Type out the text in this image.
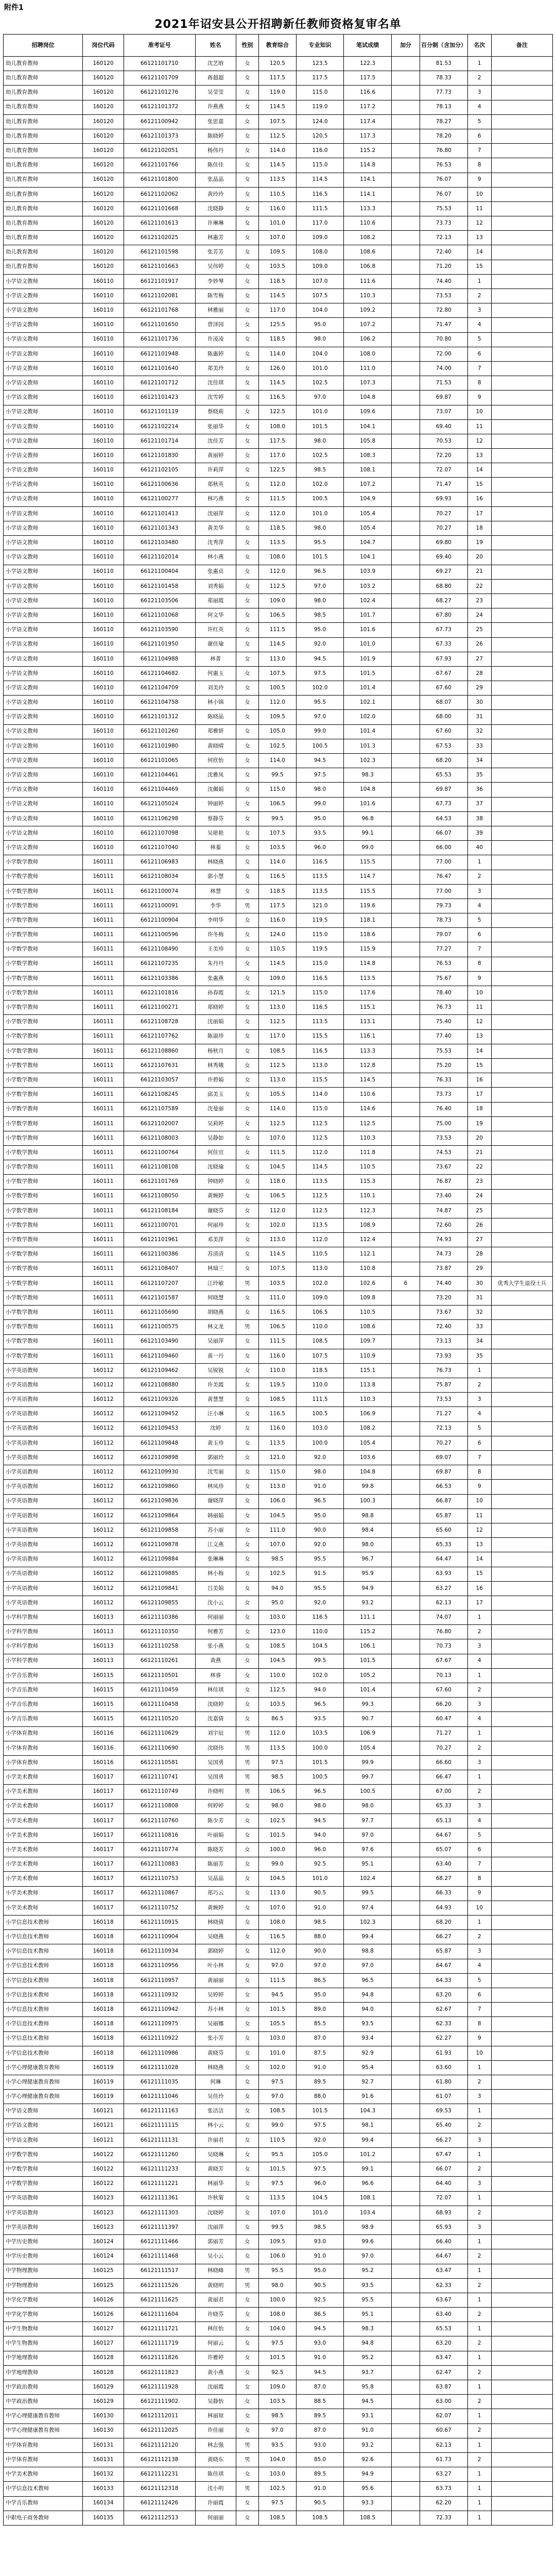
附件1
2021年诏安县公开招聘新任教师资格复审名单
招聘岗位	岗位代码	准考证号	姓名	性别	教育综合	专业知识	笔试成绩	加分	百分制（含加分）	名次	备注
幼儿教育教师	160120	66121101710	沈艺晗	女	120.5	123.5	122.3		81.53	1	
幼儿教育教师	160120	66121101709	蒋超超	女	117.5	117.5	117.5		78.33	2	
幼儿教育教师	160120	66121101276	吴莹莹	女	119.0	115.0	116.6		77.73	3	
幼儿教育教师	160120	66121101372	许燕燕	女	114.5	119.0	117.2		78.13	4	
幼儿教育教师	160120	66121100942	张思嘉	女	107.5	124.0	117.4		78.27	5	
幼儿教育教师	160120	66121101373	陈晓婷	女	112.5	120.5	117.3		78.20	6	
幼儿教育教师	160120	66121102051	杨伟丹	女	114.0	116.0	115.2		76.80	7	
幼儿教育教师	160120	66121101766	陈佳佳	女	114.5	115.0	114.8		76.53	8	
幼儿教育教师	160120	66121101800	张晶晶	女	113.5	114.5	114.1		76.07	9	
幼儿教育教师	160120	66121102062	黄玲玲	女	110.5	116.5	114.1		76.07	10	
幼儿教育教师	160120	66121101668	沈晓静	女	116.0	111.5	113.3		75.53	11	
幼儿教育教师	160120	66121101613	许琳琳	女	101.0	117.0	110.6		73.73	12	
幼儿教育教师	160120	66121102025	林惠芳	女	107.0	109.0	108.2		72.13	13	
幼儿教育教师	160120	66121101598	张芳芳	女	109.5	108.0	108.6		72.40	14	
幼儿教育教师	160120	66121101663	吴伟婷	女	103.5	109.0	106.8		71.20	15	
小学语文教师	160110	66121101917	李妙琴	女	118.5	107.0	111.6		74.40	1	
小学语文教师	160110	66121102081	陈雪梅	女	114.5	107.5	110.3		73.53	2	
小学语文教师	160110	66121101768	林雅丽	女	117.0	104.0	109.2		72.80	3	
小学语文教师	160110	66121101650	曾泽园	女	125.5	95.0	107.2		71.47	4	
小学语文教师	160110	66121101736	许凌凌	女	118.5	98.0	106.2		70.80	5	
小学语文教师	160110	66121101948	陈惠婷	女	114.0	104.0	108.0		72.00	6	
小学语文教师	160110	66121101640	郑美玲	女	126.0	101.0	111.0		74.00	7	
小学语文教师	160110	66121101712	沈佳琪	女	114.5	102.5	107.3		71.53	8	
小学语文教师	160110	66121101423	沈雪婷	女	116.5	97.0	104.8		69.87	9	
小学语文教师	160110	66121101119	蔡晓莉	女	122.5	101.0	109.6		73.07	10	
小学语文教师	160110	66121102214	张丽华	女	108.0	101.5	104.1		69.40	11	
小学语文教师	160110	66121101714	沈佳芳	女	117.5	98.0	105.8		70.53	12	
小学语文教师	160110	66121101830	黄丽婷	女	117.0	102.5	108.3		72.20	13	
小学语文教师	160110	66121102105	许莉萍	女	122.5	98.5	108.1		72.07	14	
小学语文教师	160110	66121100636	郑秋英	女	112.0	102.0	107.2		71.47	15	
小学语文教师	160110	66121100277	林巧燕	女	111.5	100.5	104.9		69.93	16	
小学语文教师	160110	66121101413	沈丽萍	女	112.0	101.0	105.4		70.27	17	
小学语文教师	160110	66121101343	黄美华	女	118.5	98.0	105.4		70.27	18	
小学语文教师	160110	66121103480	沈秀萍	女	113.5	95.5	104.7		69.80	19	
小学语文教师	160110	66121102014	林小燕	女	108.0	101.5	104.1		69.40	20	
小学语文教师	160110	66121100404	张惠贞	女	112.0	96.5	103.9		69.27	21	
小学语文教师	160110	66121101458	刘秀娟	女	112.5	97.0	103.2		68.80	22	
小学语文教师	160110	66121103506	郑丽霞	女	109.0	98.0	102.4		68.27	23	
小学语文教师	160110	66121101068	何文华	女	106.5	98.5	101.7		67.80	24	
小学语文教师	160110	66121103590	许红英	女	111.5	95.0	101.6		67.73	25	
小学语文教师	160110	66121101950	谢佳瑜	女	114.5	92.0	101.0		67.33	26	
小学语文教师	160110	66121104988	林菁	女	113.0	94.5	101.9		67.93	27	
小学语文教师	160110	66121104682	何惠玉	女	107.5	97.5	101.5		67.67	28	
小学语文教师	160110	66121104709	刘美玲	女	100.5	102.0	101.4		67.60	29	
小学语文教师	160110	66121104758	林小锦	女	112.0	95.5	102.1		68.07	30	
小学语文教师	160110	66121101312	陈晓晶	女	109.5	97.0	102.0		68.00	31	
小学语文教师	160110	66121101260	郑雅妍	女	105.0	99.0	101.4		67.60	32	
小学语文教师	160110	66121101980	黄晓晴	女	102.5	100.5	101.3		67.53	33	
小学语文教师	160110	66121101065	何欣怡	女	114.0	94.5	102.3		68.20	34	
小学语文教师	160110	66121104461	沈雅凤	女	99.5	97.5	98.3		65.53	35	
小学语文教师	160110	66121104469	沈佩娟	女	115.0	98.0	104.8		69.87	36	
小学语文教师	160110	66121105024	钟丽婷	女	106.5	99.0	101.6		67.73	37	
小学语文教师	160110	66121106298	蔡静芬	女	99.5	95.0	96.8		64.53	38	
小学语文教师	160110	66121107098	吴艳艳	女	107.5	93.5	99.1		66.07	39	
小学语文教师	160110	66121107040	林蓁	女	103.5	96.0	99.0		66.00	40	
小学数学教师	160111	66121106983	林晓燕	女	114.0	116.5	115.5		77.00	1	
小学数学教师	160111	66121108034	郭小慧	女	116.5	113.5	114.7		76.47	2	
小学数学教师	160111	66121100074	林慧	女	118.5	113.5	115.5		77.00	3	
小学数学教师	160111	66121100091	李华	男	117.5	121.0	119.6		79.73	4	
小学数学教师	160111	66121100904	李明华	女	116.0	119.5	118.1		78.73	5	
小学数学教师	160111	66121100596	许冬梅	女	124.0	115.0	118.6		79.07	6	
小学数学教师	160111	66121108490	王美珍	女	110.5	119.5	115.9		77.27	7	
小学数学教师	160111	66121107235	朱丹丹	女	114.5	115.0	114.8		76.53	8	
小学数学教师	160111	66121103386	张惠燕	女	109.0	116.5	113.5		75.67	9	
小学数学教师	160111	66121101816	孙春霞	女	121.5	115.0	117.6		78.40	10	
小学数学教师	160111	66121100271	郑晓婷	女	113.0	116.5	115.1		76.73	11	
小学数学教师	160111	66121108728	沈丽娟	女	112.5	113.5	113.1		75.40	12	
小学数学教师	160111	66121107762	陈淑珍	女	117.0	115.5	116.1		77.40	13	
小学数学教师	160111	66121108860	杨秋月	女	108.5	116.5	113.3		75.53	14	
小学数学教师	160111	66121107631	林秀娥	女	112.5	113.0	112.8		75.20	15	
小学数学教师	160111	66121103057	许碧娟	女	113.0	115.5	114.5		76.33	16	
小学数学教师	160111	66121108245	邱美玉	女	105.5	114.0	110.6		73.73	17	
小学数学教师	160111	66121107589	沈曼丽	女	114.0	115.0	114.6		76.40	18	
小学数学教师	160111	66121102007	吴莉婷	女	112.5	112.5	112.5		75.00	19	
小学数学教师	160111	66121108003	吴静如	女	107.0	112.5	110.3		73.53	20	
小学数学教师	160111	66121100764	何佳宜	女	111.5	112.0	111.8		74.53	21	
小学数学教师	160111	66121108108	沈晓瑜	女	104.5	114.5	110.5		73.67	22	
小学数学教师	160111	66121101769	钟晓婷	女	118.0	113.5	115.3		76.87	23	
小学数学教师	160111	66121108050	黄婉婷	女	106.5	112.5	110.1		73.40	24	
小学数学教师	160111	66121108184	谢晓芬	女	112.0	112.5	112.3		74.87	25	
小学数学教师	160111	66121100701	何丽珍	女	102.0	113.5	108.9		72.60	26	
小学数学教师	160111	66121101961	邓美萍	女	113.0	112.0	112.4		74.93	27	
小学数学教师	160111	66121100386	苏清清	女	114.5	110.5	112.1		74.73	28	
小学数学教师	160111	66121108407	林瑞兰	女	107.5	113.0	110.8		73.87	29	
小学数学教师	160111	66121107207	江玲敏	男	103.5	102.0	102.6	6	74.40	30	优秀大学生退役士兵
小学数学教师	160111	66121101587	何晓慧	女	111.0	109.0	109.8		73.20	31	
小学数学教师	160111	66121105690	胡晓燕	女	116.5	106.5	110.5		73.67	32	
小学数学教师	160111	66121100575	林文龙	男	106.5	110.0	108.6		72.40	33	
小学数学教师	160111	66121103490	吴丽萍	女	111.5	108.5	109.7		73.13	34	
小学数学教师	160111	66121109460	黄一丹	女	116.0	107.5	110.9		73.93	35	
小学英语教师	160112	66121109462	吴锐锐	女	110.0	118.5	115.1		76.73	1	
小学英语教师	160112	66121108880	许美霞	女	119.5	110.0	113.8		75.87	2	
小学英语教师	160112	66121109326	黄慧慧	女	108.5	111.5	110.3		73.53	3	
小学英语教师	160112	66121109452	汪小琳	女	116.5	100.5	106.9		71.27	4	
小学英语教师	160112	66121109453	沈婷	女	116.0	103.0	108.2		72.13	5	
小学英语教师	160112	66121109848	黄玉珍	女	113.5	100.0	105.4		70.27	6	
小学英语教师	160112	66121109898	郭丽玲	女	121.0	92.0	103.6		69.07	7	
小学英语教师	160112	66121109930	沈雪丽	女	115.0	98.0	104.8		69.87	8	
小学英语教师	160112	66121109860	林凤珍	女	113.0	91.0	99.8		66.53	9	
小学英语教师	160112	66121109836	谢晓萍	女	106.0	96.5	100.3		66.87	10	
小学英语教师	160112	66121109864	韩丽娟	女	104.5	95.0	98.8		65.87	11	
小学英语教师	160112	66121109858	苏小丽	女	111.0	90.0	98.4		65.60	12	
小学英语教师	160112	66121109878	江文燕	女	107.0	92.0	98.0		65.33	13	
小学英语教师	160112	66121109884	张琳琳	女	98.5	95.5	96.7		64.47	14	
小学英语教师	160112	66121109885	林小梅	女	102.5	91.5	95.9		63.93	15	
小学英语教师	160112	66121109841	吕美娟	女	94.0	95.5	94.9		63.27	16	
小学英语教师	160112	66121109855	沈小云	女	95.0	92.0	93.2		62.13	17	
小学科学教师	160113	66121110386	何丽丽	女	103.0	116.5	111.1		74.07	1	
小学科学教师	160113	66121110350	何雅芳	女	123.0	110.0	115.2		76.80	2	
小学科学教师	160113	66121110258	张小燕	女	108.5	104.5	106.1		70.73	3	
小学科学教师	160113	66121110261	黄燕	女	104.5	99.5	101.5		67.67	4	
小学音乐教师	160115	66121110501	林睿	女	110.0	102.0	105.2		70.13	1	
小学音乐教师	160115	66121110459	林佳琪	女	112.5	94.0	101.4		67.60	2	
小学音乐教师	160115	66121110458	沈晓婷	女	103.5	96.5	99.3		66.20	3	
小学音乐教师	160115	66121110520	沈嘉倩	女	86.5	93.5	90.7		60.47	4	
小学体育教师	160116	66121110629	刘宇辰	男	112.0	103.5	106.9		71.27	1	
小学体育教师	160116	66121110690	沈晓伟	男	113.5	100.0	105.4		70.27	2	
小学体育教师	160116	66121110581	吴国勇	男	97.5	101.5	99.9		66.60	3	
小学美术教师	160117	66121110741	吴国勇	男	98.5	100.5	99.7		66.47	1	
小学美术教师	160117	66121110749	许晓明	男	106.5	96.5	100.5		67.00	2	
小学美术教师	160117	66121110808	何婷婷	女	98.0	98.0	98.0		65.33	3	
小学美术教师	160117	66121110760	陈少芳	女	102.5	94.5	97.7		65.13	4	
小学美术教师	160117	66121110816	叶丽娟	女	101.5	94.0	97.0		64.67	5	
小学美术教师	160117	66121110774	陈晓芳	女	100.0	96.0	97.6		65.07	6	
小学美术教师	160117	66121110883	陈丽芳	女	99.0	92.5	95.1		63.40	7	
小学美术教师	160117	66121110753	吴晶晶	女	104.5	101.0	102.4		68.27	8	
小学美术教师	160117	66121110867	郑巧云	女	113.0	90.5	99.5		66.33	9	
小学美术教师	160117	66121110752	黄婉婷	女	107.0	91.0	97.4		64.93	10	
小学信息技术教师	160118	66121110915	林晓倩	女	108.0	98.5	102.3		68.20	1	
小学信息技术教师	160118	66121110904	吴晓燕	女	116.5	88.0	99.4		66.27	2	
小学信息技术教师	160118	66121110934	郭晓婷	女	112.0	90.0	98.8		65.87	3	
小学信息技术教师	160118	66121110956	叶小林	女	97.0	97.0	97.0		64.67	4	
小学信息技术教师	160118	66121110957	黄丽丽	女	111.5	86.5	96.5		64.33	5	
小学信息技术教师	160118	66121110932	吴婷婷	女	94.5	95.0	94.8		63.20	6	
小学信息技术教师	160118	66121110942	苏小林	女	101.5	89.0	94.0		62.67	7	
小学信息技术教师	160118	66121110975	吴丽娜	女	105.5	85.5	93.5		62.33	8	
小学信息技术教师	160118	66121110922	张小芳	女	103.0	87.0	93.4		62.27	9	
小学信息技术教师	160118	66121110986	黄晓芬	女	101.0	87.5	92.9		61.93	10	
小学心理健康教育教师	160119	66121111028	林晓燕	女	102.0	91.0	95.4		63.60	1	
小学心理健康教育教师	160119	66121111035	何琳	女	97.5	89.5	92.7		61.80	2	
小学心理健康教育教师	160119	66121111046	吴佳玲	女	97.0	88.0	91.6		61.07	3	
中学语文教师	160121	66121111163	张洁洁	女	108.5	101.5	104.3		69.53	1	
中学语文教师	160121	66121111115	林小云	女	99.0	97.5	98.1		65.40	2	
中学语文教师	160121	66121111131	许丽君	女	110.5	92.0	99.4		66.27	3	
中学数学教师	160122	66121111260	吴晓琳	女	95.5	105.0	101.2		67.47	1	
中学数学教师	160122	66121111233	黄晓芳	女	101.5	97.5	99.1		66.07	2	
中学数学教师	160122	66121111221	林丽华	女	97.5	96.0	96.6		64.40	3	
中学英语教师	160123	66121111361	许秋菊	女	113.5	104.5	108.1		72.07	1	
中学英语教师	160123	66121111303	沈晓婷	女	107.0	101.0	103.4		68.93	2	
中学英语教师	160123	66121111397	沈丽萍	女	99.5	98.5	98.9		65.93	3	
中学历史教师	160124	66121111466	郭丽芳	女	109.5	93.0	99.6		66.40	1	
中学历史教师	160124	66121111468	吴小云	女	106.0	91.0	97.0		64.67	2	
中学物理教师	160125	66121111517	林晓峰	男	95.5	95.0	95.2		63.47	1	
中学物理教师	160125	66121111526	黄晓明	男	98.0	90.5	93.5		62.33	2	
中学化学教师	160126	66121111625	黄丽君	女	100.0	92.5	95.5		63.67	1	
中学化学教师	160126	66121111604	许晓芬	女	108.0	86.5	95.1		63.40	2	
中学生物教师	160127	66121111721	林佳怡	女	104.0	94.5	98.3		65.53	1	
中学生物教师	160127	66121111719	何丽云	女	97.5	93.0	94.8		63.20	2	
中学地理教师	160128	66121111826	许雅婷	女	101.5	91.0	95.2		63.47	1	
中学地理教师	160128	66121111823	黄小燕	女	92.5	94.5	93.7		62.47	2	
中学政治教师	160129	66121111928	沈丽霞	女	109.0	87.0	95.8		63.87	1	
中学政治教师	160129	66121111902	吴静怡	女	103.5	88.5	94.5		63.00	2	
中学心理健康教育教师	160130	66121112011	林丽琼	女	98.5	89.5	93.1		62.07	1	
中学心理健康教育教师	160130	66121112025	许佳丽	女	97.0	87.0	91.0		60.67	2	
中学体育教师	160131	66121112120	林志强	男	93.5	93.0	93.2		62.13	1	
中学体育教师	160131	66121112138	黄晓东	男	104.0	85.0	92.6		61.73	2	
中学美术教师	160132	66121112231	陈佳琪	女	103.0	89.5	94.9		63.27	1	
中学信息技术教师	160133	66121112318	沈小明	男	102.5	91.0	95.6		63.73	1	
中学音乐教师	160134	66121112426	许丽霞	女	97.5	90.5	93.3		62.20	1	
中职电子商务教师	160135	66121112513	何丽丽	女	108.5	108.5	108.5		72.33	1	
